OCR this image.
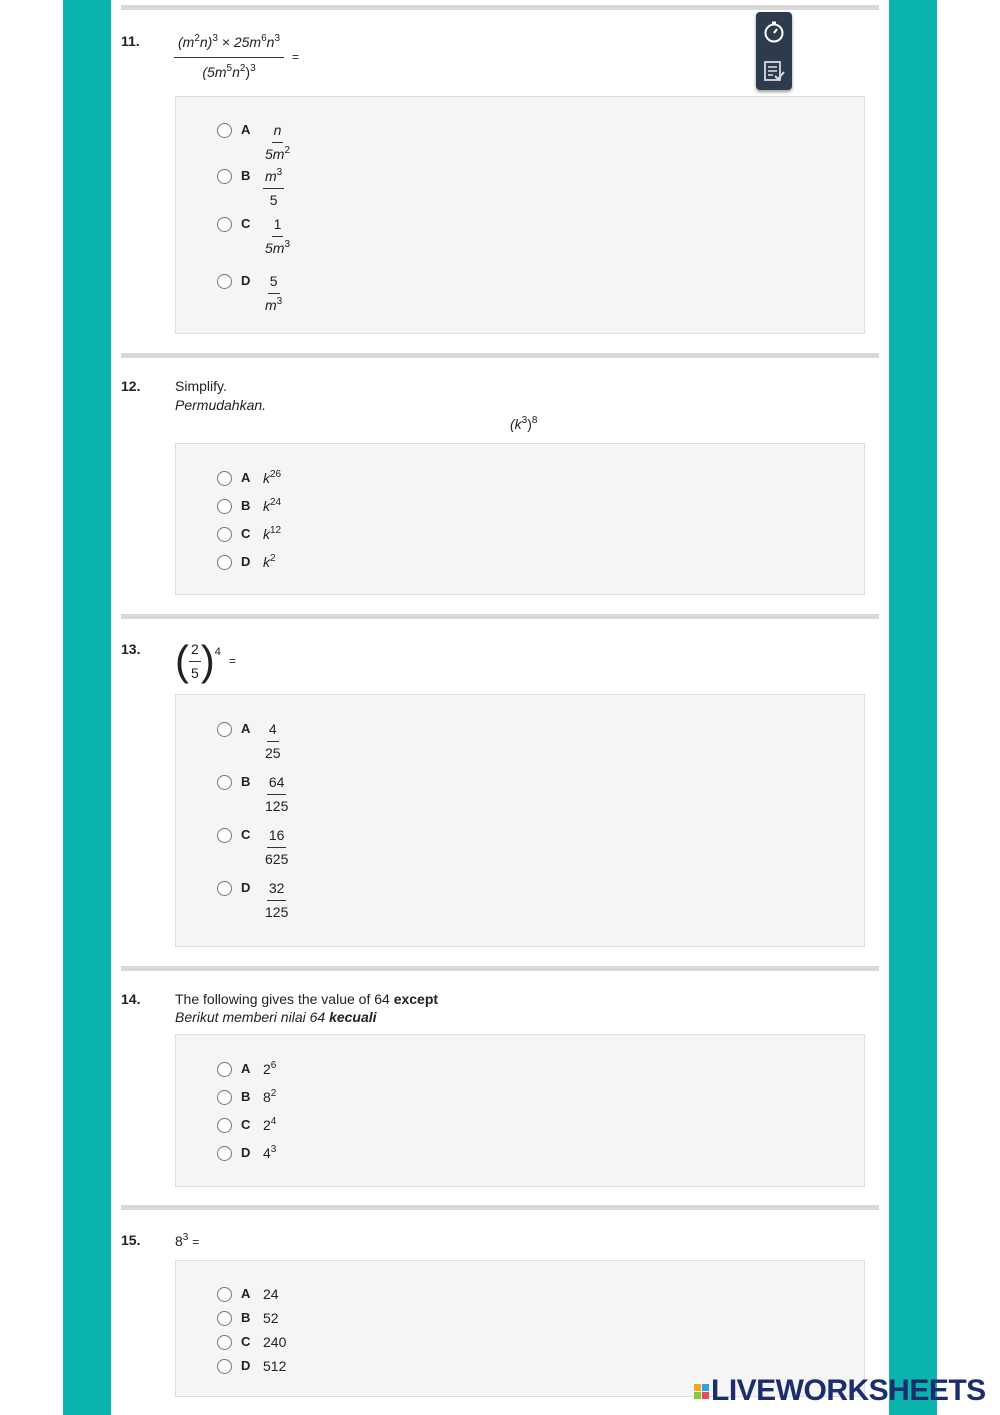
11. $\frac{(m^2n)^3 \times 25m^6n^3}{(5m^5n^2)^3}$ =
A $\frac{n}{5m^2}$
B $\frac{m^3}{5}$
C $\frac{1}{5m^3}$
D $\frac{5}{m^3}$
12. Simplify.
Permudahkan.
$(k^3)^8$
A $k^{26}$
B $k^{24}$
C $k^{12}$
D $k^2$
13. ( $\frac{2}{5}$ ) 4
=
A $\frac{4}{25}$
B $\frac{64}{125}$
C $\frac{16}{625}$
D $\frac{32}{125}$
14. The following gives the value of 64 except
Berikut memberi nilai 64 kecuali
A $2^6$
B $8^2$
C $2^4$
D $4^3$
15. $8^3$ =
A 24
B 52
C 240
D 512
LIVEWORKSHEETS
